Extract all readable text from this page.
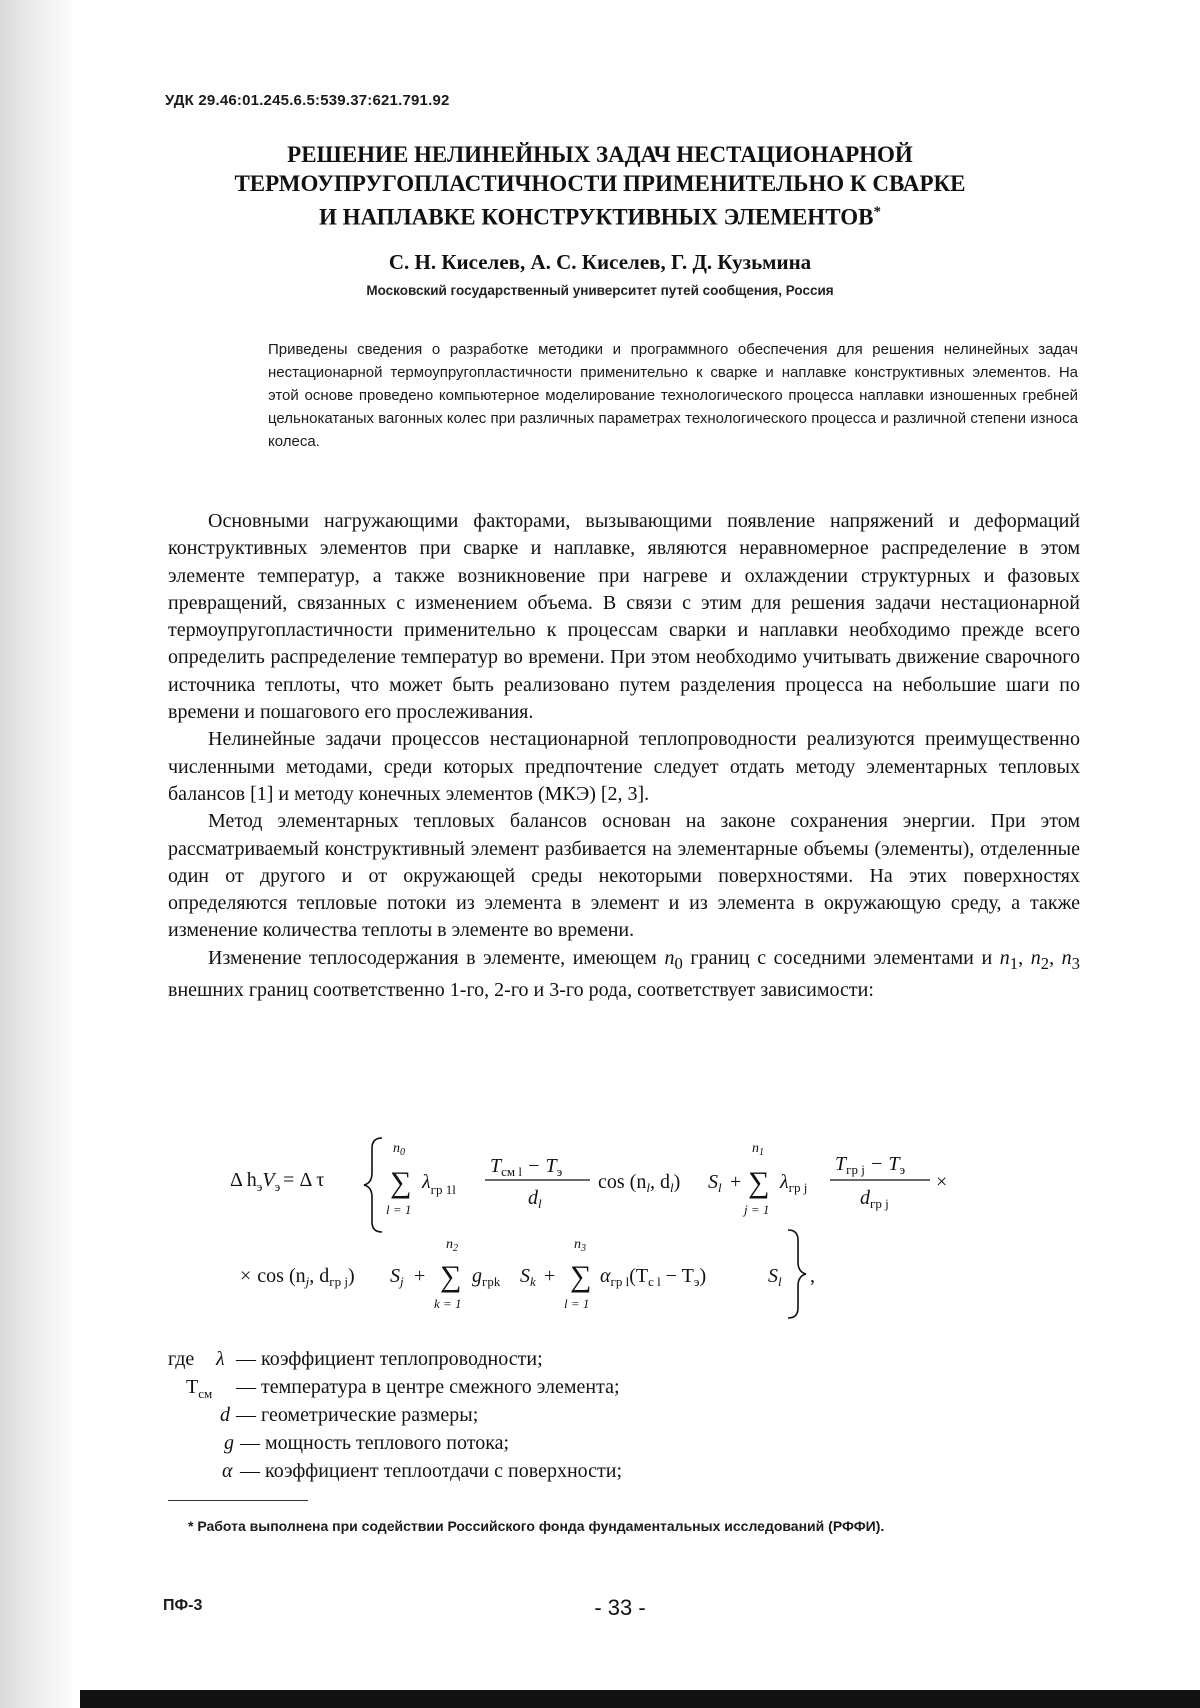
УДК 29.46:01.245.6.5:539.37:621.791.92
РЕШЕНИЕ НЕЛИНЕЙНЫХ ЗАДАЧ НЕСТАЦИОНАРНОЙ
ТЕРМОУПРУГОПЛАСТИЧНОСТИ ПРИМЕНИТЕЛЬНО К СВАРКЕ
И НАПЛАВКЕ КОНСТРУКТИВНЫХ ЭЛЕМЕНТОВ*
С. Н. Киселев, А. С. Киселев, Г. Д. Кузьмина
Московский государственный университет путей сообщения, Россия
Приведены сведения о разработке методики и программного обеспечения для решения нелинейных задач нестационарной термоупругопластичности применительно к сварке и наплавке конструктивных элементов. На этой основе проведено компьютерное моделирование технологического процесса наплавки изношенных гребней цельнокатаных вагонных колес при различных параметрах технологического процесса и различной степени износа колеса.

Основными нагружающими факторами, вызывающими появление напряжений и деформаций конструктивных элементов при сварке и наплавке, являются неравномерное распределение в этом элементе температур, а также возникновение при нагреве и охлаждении структурных и фазовых превращений, связанных с изменением объема. В связи с этим для решения задачи нестационарной термоупругопластичности применительно к процессам сварки и наплавки необходимо прежде всего определить распределение температур во времени. При этом необходимо учитывать движение сварочного источника теплоты, что может быть реализовано путем разделения процесса на небольшие шаги по времени и пошагового его прослеживания.

Нелинейные задачи процессов нестационарной теплопроводности реализуются преимущественно численными методами, среди которых предпочтение следует отдать методу элементарных тепловых балансов [1] и методу конечных элементов (МКЭ) [2, 3].

Метод элементарных тепловых балансов основан на законе сохранения энергии. При этом рассматриваемый конструктивный элемент разбивается на элементарные объемы (элементы), отделенные один от другого и от окружающей среды некоторыми поверхностями. На этих поверхностях определяются тепловые потоки из элемента в элемент и из элемента в окружающую среду, а также изменение количества теплоты в элементе во времени.

Изменение теплосодержания в элементе, имеющем $n_0$ границ с соседними элементами и $n_1$, $n_2$, $n_3$ внешних границ соответственно 1-го, 2-го и 3-го рода, соответствует зависимости:

Δ $h_эV_э = \Delta$ τ
$n_0$
∑
l = 1
$\lambda_{гр 1l}$
$T_{см l} - T_э$
$d_l$
$\cos (n_l$, $d_l$) $S_l$ +
$n_1$
∑
j = 1
$\lambda_{гр j}$
$T_{гр j} - T_э$
$d_{гр j}$
×
× $\cos (n_j$, $d_{гр j}$) $S_j$ +
$n_2$
∑
k = 1
$g_{грk}$ $S_k$ +
$n_3$
∑
l = 1
$\alpha_{гр l}(T_{c l} - T_э)$	$S_l$ ,
где λ — коэффициент теплопроводности;
$T_{см}$ — температура в центре смежного элемента;
d — геометрические размеры;
g — мощность теплового потока;
α — коэффициент теплоотдачи с поверхности;
* Работа выполнена при содействии Российского фонда фундаментальных исследований (РФФИ).
ПФ-3	- 33 -
